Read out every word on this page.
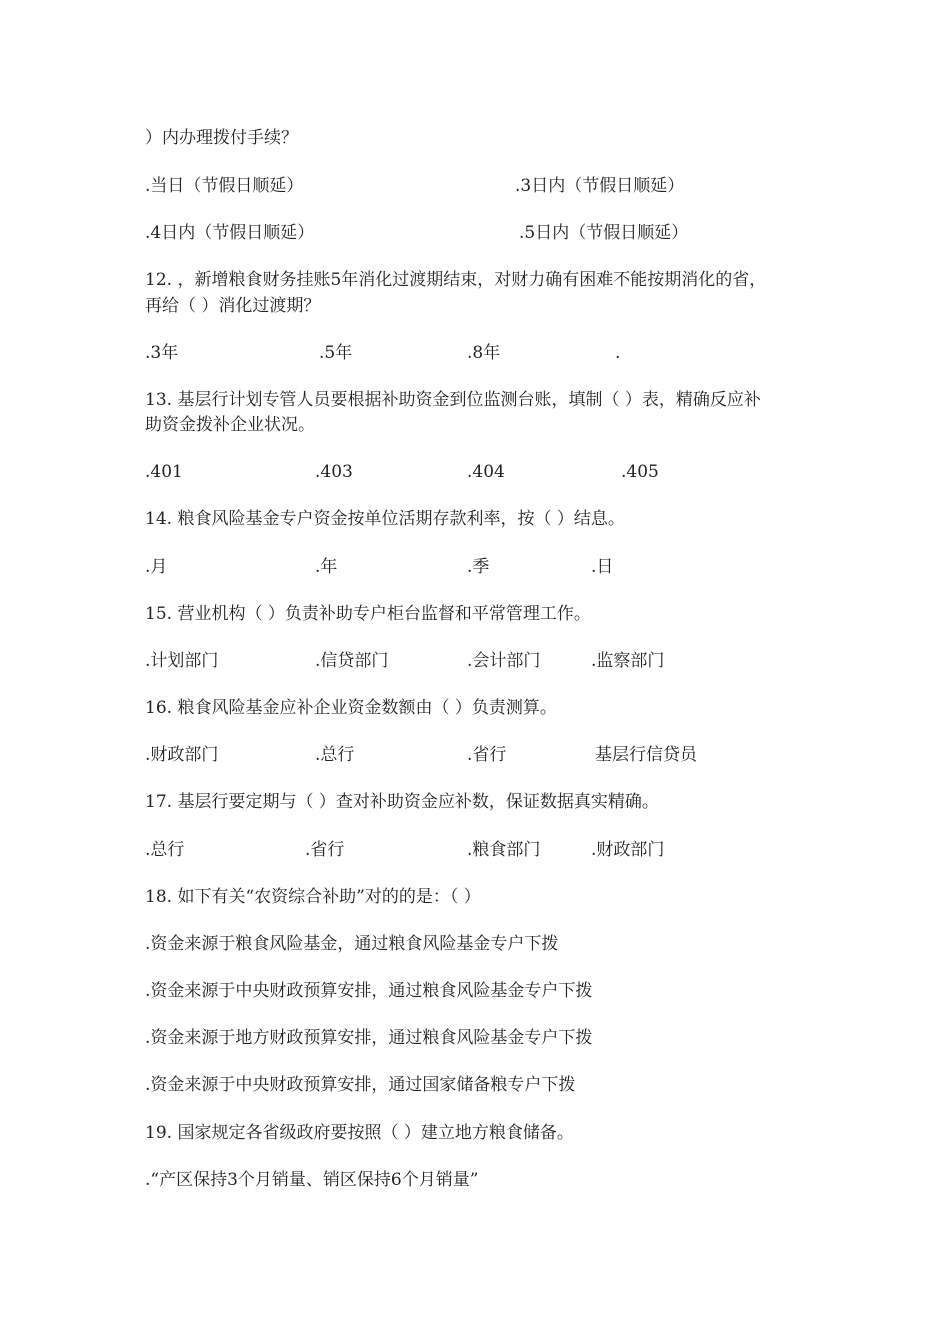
）内办理拨付手续？
.当日（节假日顺延）	.3日内（节假日顺延）
.4日内（节假日顺延）	.5日内（节假日顺延）
12. ，新增粮食财务挂账5年消化过渡期结束，对财力确有困难不能按期消化的省，
再给（ ）消化过渡期？
.3年	.5年	.8年	.
13. 基层行计划专管人员要根据补助资金到位监测台账，填制（ ）表，精确反应补
助资金拨补企业状况。
.401	.403	.404	.405
14. 粮食风险基金专户资金按单位活期存款利率，按（ ）结息。
.月	.年	.季	.日
15. 营业机构（ ）负责补助专户柜台监督和平常管理工作。
.计划部门	.信贷部门	.会计部门	.监察部门
16. 粮食风险基金应补企业资金数额由（ ）负责测算。
.财政部门	.总行	.省行	基层行信贷员
17. 基层行要定期与（ ）查对补助资金应补数，保证数据真实精确。
.总行	.省行	.粮食部门	.财政部门
18. 如下有关“农资综合补助”对的的是：（ ）
.资金来源于粮食风险基金，通过粮食风险基金专户下拨
.资金来源于中央财政预算安排，通过粮食风险基金专户下拨
.资金来源于地方财政预算安排，通过粮食风险基金专户下拨
.资金来源于中央财政预算安排，通过国家储备粮专户下拨
19. 国家规定各省级政府要按照（ ）建立地方粮食储备。
.“产区保持3个月销量、销区保持6个月销量”
